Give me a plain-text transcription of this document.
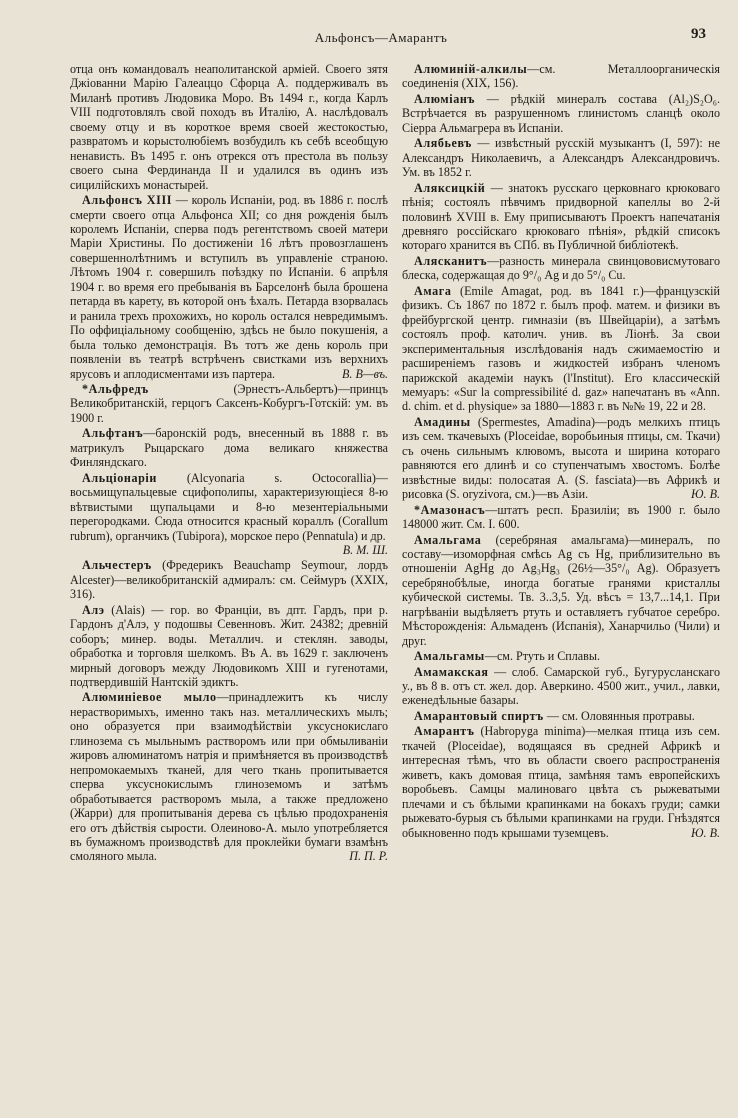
Альфонсъ—Амарантъ	93

отца онъ командовалъ неаполитанской арміей. Своего зятя Джіованни Марію Галеаццо Сфорца А. поддерживалъ въ Миланѣ противъ Людовика Моро. Въ 1494 г., когда Карлъ VIII подготовлялъ свой походъ въ Италію, А. наслѣдовалъ своему отцу и въ короткое время своей жестокостью, развратомъ и корыстолюбіемъ возбудилъ къ себѣ всеобщую ненависть. Въ 1495 г. онъ отрекся отъ престола въ пользу своего сына Фердинанда II и удалился въ одинъ изъ сицилійскихъ монастырей.

Альфонсъ XIII — король Испаніи, род. въ 1886 г. послѣ смерти своего отца Альфонса XII; со дня рожденія былъ королемъ Испаніи, сперва подъ регентствомъ своей матери Маріи Христины. По достиженіи 16 лѣтъ провозглашенъ совершеннолѣтнимъ и вступилъ въ управленіе страною. Лѣтомъ 1904 г. совершилъ поѣздку по Испаніи. 6 апрѣля 1904 г. во время его пребыванія въ Барселонѣ была брошена петарда въ карету, въ которой онъ ѣхалъ. Петарда взорвалась и ранила трехъ прохожихъ, но король остался невредимымъ. По оффиціальному сообщенію, здѣсь не было покушенія, а была только демонстрація. Въ тотъ же день король при появленіи въ театрѣ встрѣченъ свистками изъ верхнихъ ярусовъ и аплодисментами изъ партера.	В. В—въ.

*Альфредъ (Эрнестъ-Альбертъ)—принцъ Великобританскій, герцогъ Саксенъ-Кобургъ-Готскій: ум. въ 1900 г.

Альфтанъ—баронскій родъ, внесенный въ 1888 г. въ матрикулъ Рыцарскаго дома великаго княжества Финляндскаго.

Альціонаріи (Alcyonaria s. Octocorallia)—восьмищупальцевые сцифополипы, характеризующіеся 8-ю вѣтвистыми щупальцами и 8-ю мезентеріальными перегородками. Сюда относится красный кораллъ (Corallum rubrum), органчикъ (Tubipora), морское перо (Pennatula) и др.
В. М. Ш.

Альчестеръ (Фредерикъ Beauchamp Seymour, лордъ Alcester)—великобританскій адмиралъ: см. Сеймуръ (XXIX, 316).

Алэ (Alais) — гор. во Франціи, въ дпт. Гардъ, при р. Гардонъ д'Алэ, у подошвы Севенновъ. Жит. 24382; древній соборъ; минер. воды. Металлич. и стеклян. заводы, обработка и торговля шелкомъ. Въ А. въ 1629 г. заключенъ мирный договоръ между Людовикомъ XIII и гугенотами, подтвердившій Нантскій эдиктъ.

Алюминіевое мыло—принадлежитъ къ числу нерастворимыхъ, именно такъ наз. металлическихъ мылъ; оно образуется при взаимодѣйствіи уксуснокислаго глинозема съ мыльнымъ растворомъ или при обмыливаніи жировъ алюминатомъ натрія и примѣняется въ производствѣ непромокаемыхъ тканей, для чего ткань пропитывается сперва уксуснокислымъ глиноземомъ и затѣмъ обработывается растворомъ мыла, а также предложено (Жарри) для пропитыванія дерева съ цѣлью продохраненія его отъ дѣйствія сырости. Олеиново-А. мыло употребляется въ бумажномъ производствѣ для проклейки бумаги взамѣнъ смоляного мыла.	П. П. Р.

Алюминій-алкилы—см. Металлоорганическія соединенія (XIX, 156).

Алюміанъ — рѣдкій минералъ состава (Al₂)S₂O₆. Встрѣчается въ разрушенномъ глинистомъ сланцѣ около Сіерра Альмагрера въ Испаніи.

Алябьевъ — извѣстный русскій музыкантъ (I, 597): не Александръ Николаевичъ, а Александръ Александровичъ. Ум. въ 1852 г.

Аляксицкій — знатокъ русскаго церковнаго крюковаго пѣнія; состоялъ пѣвчимъ придворной капеллы во 2-й половинѣ XVIII в. Ему приписываютъ Проектъ напечатанія древняго россійскаго крюковаго пѣнія», рѣдкій списокъ котораго хранится въ СПб. въ Публичной библіотекѣ.

Алясканитъ—разность минерала свинцововисмутоваго блеска, содержащая до 9°/₀ Ag и до 5°/₀ Cu.

Амага (Emile Amagat, род. въ 1841 г.)—французскій физикъ. Съ 1867 по 1872 г. былъ проф. матем. и физики въ фрейбургской центр. гимназіи (въ Швейцаріи), а затѣмъ состоялъ проф. католич. унив. въ Ліонѣ. За свои экспериментальныя изслѣдованія надъ сжимаемостію и расширеніемъ газовъ и жидкостей избранъ членомъ парижской академіи наукъ (l'Institut). Его классическій мемуаръ: «Sur la compressibilité d. gaz» напечатанъ въ «Ann. d. chim. et d. physique» за 1880—1883 г. въ №№ 19, 22 и 28.

Амадины (Spermestes, Amadina)—родъ мелкихъ птицъ изъ сем. ткачевыхъ (Ploceidae, воробьиныя птицы, см. Ткачи) съ очень сильнымъ клювомъ, высота и ширина котораго равняются его длинѣ и со ступенчатымъ хвостомъ. Болѣе извѣстные виды: полосатая А. (S. fasciata)—въ Африкѣ и рисовка (S. oryzivora, см.)—въ Азіи.	Ю. В.

*Амазонасъ—штатъ респ. Бразиліи; въ 1900 г. было 148000 жит. См. I. 600.

Амальгама (серебряная амальгама)—минералъ, по составу—изоморфная смѣсь Ag съ Hg, приблизительно въ отношеніи AgHg до Ag₃Hg₃ (26½—35°/₀ Ag). Образуетъ серебрянобѣлые, иногда богатые гранями кристаллы кубической системы. Тв. 3..3,5. Уд. вѣсъ = 13,7...14,1. При нагрѣваніи выдѣляетъ ртуть и оставляетъ губчатое серебро. Мѣсторожденія: Альмаденъ (Испанія), Ханарчильо (Чили) и друг.

Амальгамы—см. Ртуть и Сплавы.

Амамакская — слоб. Самарской губ., Бугурусланскаго у., въ 8 в. отъ ст. жел. дор. Аверкино. 4500 жит., учил., лавки, еженедѣльные базары.

Амарантовый спиртъ — см. Оловянныя протравы.

Амарантъ (Habropyga minima)—мелкая птица изъ сем. ткачей (Ploceidae), водящаяся въ средней Африкѣ и интересная тѣмъ, что въ области своего распространенія живетъ, какъ домовая птица, замѣняя тамъ европейскихъ воробьевъ. Самцы малиноваго цвѣта съ рыжеватыми плечами и съ бѣлыми крапинками на бокахъ груди; самки рыжевато-бурыя съ бѣлыми крапинками на груди. Гнѣздятся обыкновенно подъ крышами туземцевъ.	Ю. В.
